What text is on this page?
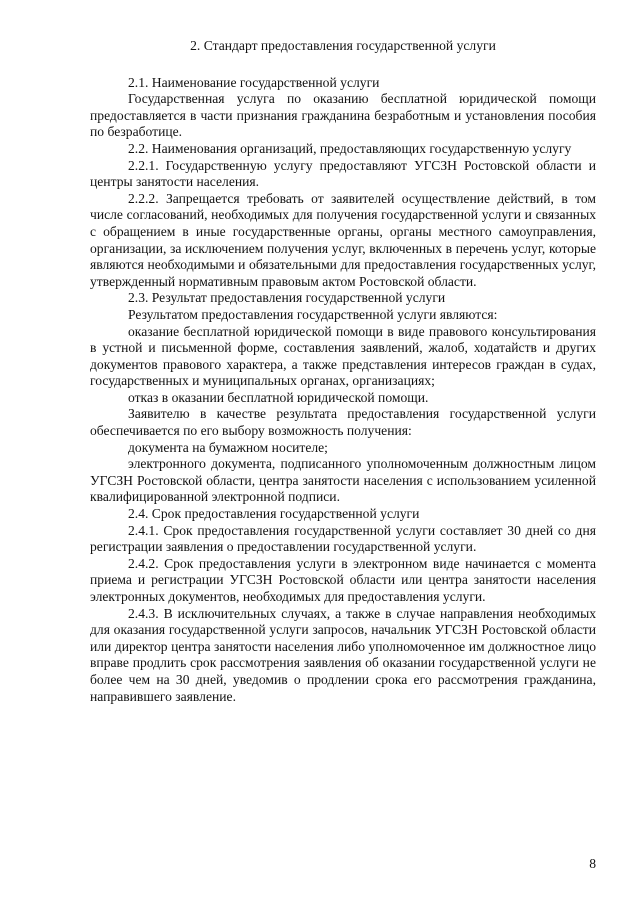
2. Стандарт предоставления государственной услуги

2.1. Наименование государственной услуги

Государственная услуга по оказанию бесплатной юридической помощи предоставляется в части признания гражданина безработным и установления пособия по безработице.

2.2. Наименования организаций, предоставляющих государственную услугу

2.2.1. Государственную услугу предоставляют УГСЗН Ростовской области и центры занятости населения.

2.2.2. Запрещается требовать от заявителей осуществление действий, в том числе согласований, необходимых для получения государственной услуги и связанных с обращением в иные государственные органы, органы местного самоуправления, организации, за исключением получения услуг, включенных в перечень услуг, которые являются необходимыми и обязательными для предоставления государственных услуг, утвержденный нормативным правовым актом Ростовской области.

2.3. Результат предоставления государственной услуги

Результатом предоставления государственной услуги являются:

оказание бесплатной юридической помощи в виде правового консультирования в устной и письменной форме, составления заявлений, жалоб, ходатайств и других документов правового характера, а также представления интересов граждан в судах, государственных и муниципальных органах, организациях;

отказ в оказании бесплатной юридической помощи.

Заявителю в качестве результата предоставления государственной услуги обеспечивается по его выбору возможность получения:

документа на бумажном носителе;

электронного документа, подписанного уполномоченным должностным лицом УГСЗН Ростовской области, центра занятости населения с использованием усиленной квалифицированной электронной подписи.

2.4. Срок предоставления государственной услуги

2.4.1. Срок предоставления государственной услуги составляет 30 дней со дня регистрации заявления о предоставлении государственной услуги.

2.4.2. Срок предоставления услуги в электронном виде начинается с момента приема и регистрации УГСЗН Ростовской области или центра занятости населения электронных документов, необходимых для предоставления услуги.

2.4.3. В исключительных случаях, а также в случае направления необходимых для оказания государственной услуги запросов, начальник УГСЗН Ростовской области или директор центра занятости населения либо уполномоченное им должностное лицо вправе продлить срок рассмотрения заявления об оказании государственной услуги не более чем на 30 дней, уведомив о продлении срока его рассмотрения гражданина, направившего заявление.

8
